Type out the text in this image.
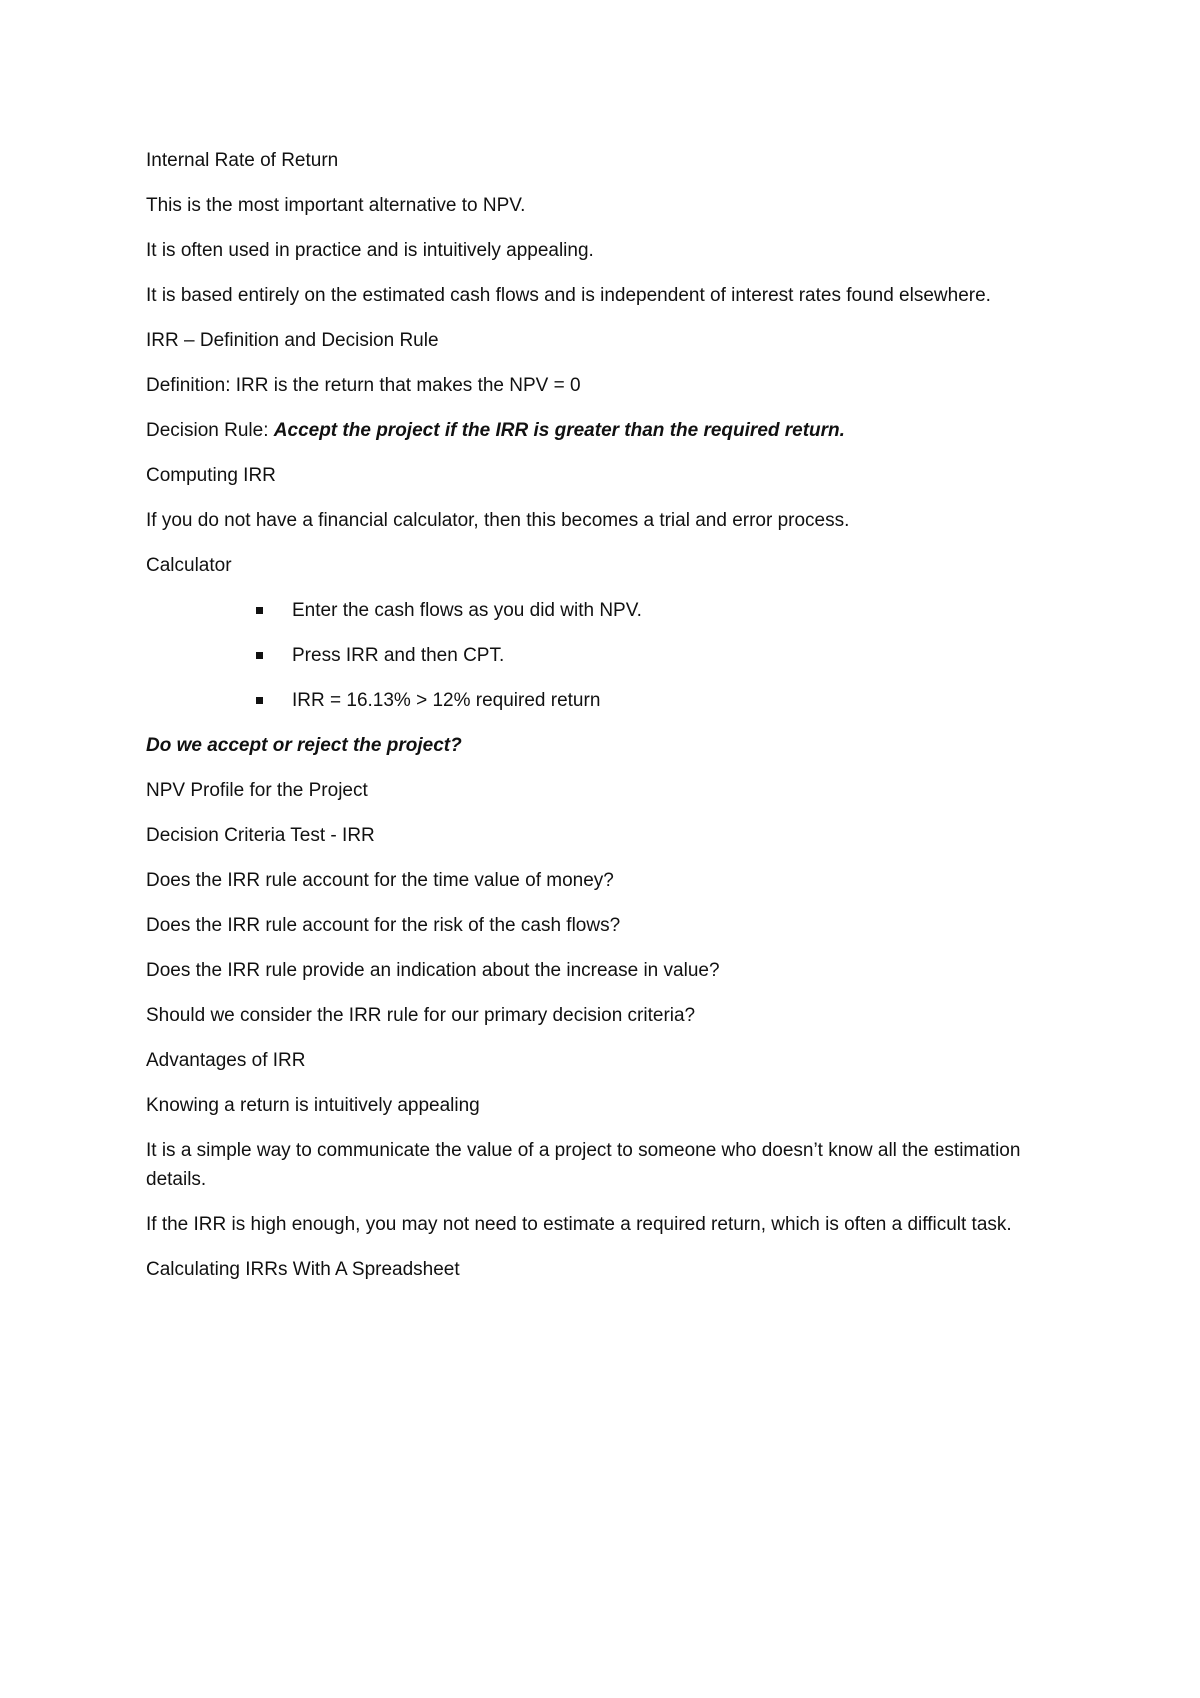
Internal Rate of Return

This is the most important alternative to NPV.

It is often used in practice and is intuitively appealing.

It is based entirely on the estimated cash flows and is independent of interest rates found elsewhere.

IRR – Definition and Decision Rule

Definition: IRR is the return that makes the NPV = 0

Decision Rule: Accept the project if the IRR is greater than the required return.

Computing IRR

If you do not have a financial calculator, then this becomes a trial and error process.

Calculator

Enter the cash flows as you did with NPV.
Press IRR and then CPT.
IRR = 16.13% > 12% required return

Do we accept or reject the project?

NPV Profile for the Project

Decision Criteria Test - IRR

Does the IRR rule account for the time value of money?

Does the IRR rule account for the risk of the cash flows?

Does the IRR rule provide an indication about the increase in value?

Should we consider the IRR rule for our primary decision criteria?

Advantages of IRR

Knowing a return is intuitively appealing

It is a simple way to communicate the value of a project to someone who doesn’t know all the estimation details.

If the IRR is high enough, you may not need to estimate a required return, which is often a difficult task.

Calculating IRRs With A Spreadsheet
